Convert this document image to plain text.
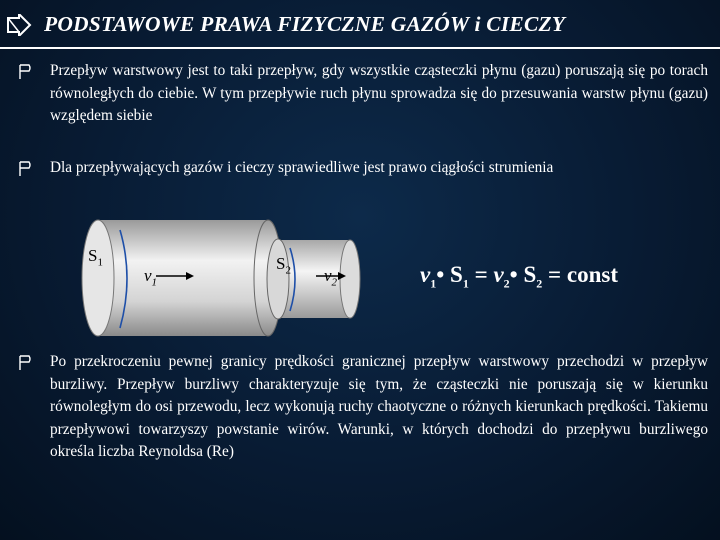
PODSTAWOWE PRAWA FIZYCZNE GAZÓW i CIECZY
Przepływ warstwowy jest to taki przepływ, gdy wszystkie cząsteczki płynu (gazu) poruszają się po torach równoległych do ciebie. W tym przepływie ruch płynu sprowadza się do przesuwania warstw płynu (gazu) względem siebie
Dla przepływających gazów i cieczy sprawiedliwe jest prawo ciągłości strumienia
$S_1$
$v_1$
$S_2$ $v_2$	$v_1•$ $S_1$ = $v_2•$ $S_2$ = const
Po przekroczeniu pewnej granicy prędkości granicznej przepływ warstwowy przechodzi w przepływ burzliwy. Przepływ burzliwy charakteryzuje się tym, że cząsteczki nie poruszają się w kierunku równoległym do osi przewodu, lecz wykonują ruchy chaotyczne o różnych kierunkach prędkości. Takiemu przepływowi towarzyszy powstanie wirów. Warunki, w których dochodzi do przepływu burzliwego określa liczba Reynoldsa (Re)
